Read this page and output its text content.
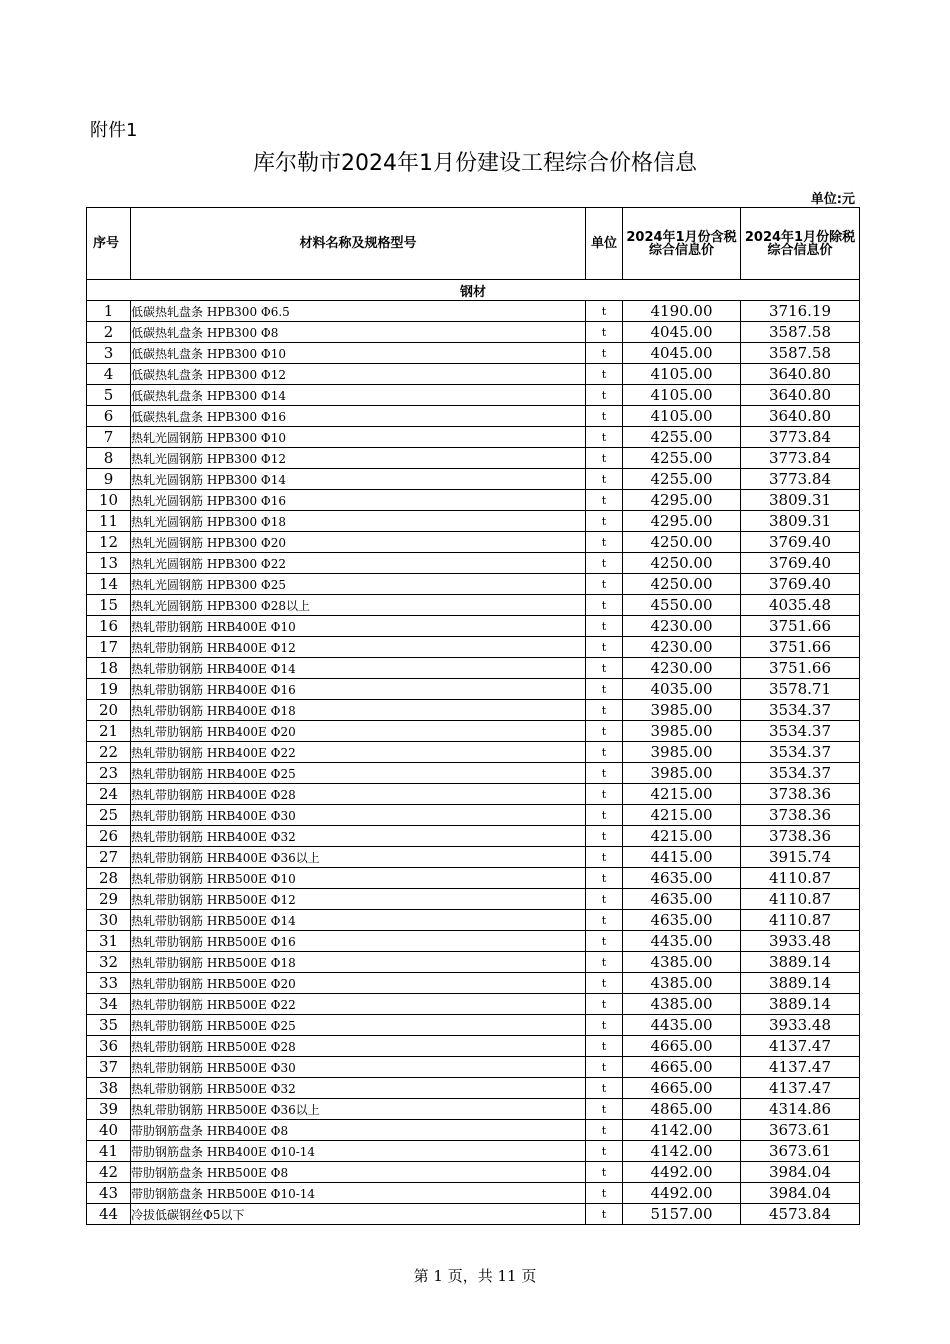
附件1
库尔勒市2024年1月份建设工程综合价格信息
单位:元
序号	材料名称及规格型号	单位	2024年1月份含税综合信息价	2024年1月份除税综合信息价
钢材				
1	低碳热轧盘条 HPB300 Φ6.5	t	4190.00	3716.19
2	低碳热轧盘条 HPB300 Φ8	t	4045.00	3587.58
3	低碳热轧盘条 HPB300 Φ10	t	4045.00	3587.58
4	低碳热轧盘条 HPB300 Φ12	t	4105.00	3640.80
5	低碳热轧盘条 HPB300 Φ14	t	4105.00	3640.80
6	低碳热轧盘条 HPB300 Φ16	t	4105.00	3640.80
7	热轧光圆钢筋 HPB300 Φ10	t	4255.00	3773.84
8	热轧光圆钢筋 HPB300 Φ12	t	4255.00	3773.84
9	热轧光圆钢筋 HPB300 Φ14	t	4255.00	3773.84
10	热轧光圆钢筋 HPB300 Φ16	t	4295.00	3809.31
11	热轧光圆钢筋 HPB300 Φ18	t	4295.00	3809.31
12	热轧光圆钢筋 HPB300 Φ20	t	4250.00	3769.40
13	热轧光圆钢筋 HPB300 Φ22	t	4250.00	3769.40
14	热轧光圆钢筋 HPB300 Φ25	t	4250.00	3769.40
15	热轧光圆钢筋 HPB300 Φ28以上	t	4550.00	4035.48
16	热轧带肋钢筋 HRB400E Φ10	t	4230.00	3751.66
17	热轧带肋钢筋 HRB400E Φ12	t	4230.00	3751.66
18	热轧带肋钢筋 HRB400E Φ14	t	4230.00	3751.66
19	热轧带肋钢筋 HRB400E Φ16	t	4035.00	3578.71
20	热轧带肋钢筋 HRB400E Φ18	t	3985.00	3534.37
21	热轧带肋钢筋 HRB400E Φ20	t	3985.00	3534.37
22	热轧带肋钢筋 HRB400E Φ22	t	3985.00	3534.37
23	热轧带肋钢筋 HRB400E Φ25	t	3985.00	3534.37
24	热轧带肋钢筋 HRB400E Φ28	t	4215.00	3738.36
25	热轧带肋钢筋 HRB400E Φ30	t	4215.00	3738.36
26	热轧带肋钢筋 HRB400E Φ32	t	4215.00	3738.36
27	热轧带肋钢筋 HRB400E Φ36以上	t	4415.00	3915.74
28	热轧带肋钢筋 HRB500E Φ10	t	4635.00	4110.87
29	热轧带肋钢筋 HRB500E Φ12	t	4635.00	4110.87
30	热轧带肋钢筋 HRB500E Φ14	t	4635.00	4110.87
31	热轧带肋钢筋 HRB500E Φ16	t	4435.00	3933.48
32	热轧带肋钢筋 HRB500E Φ18	t	4385.00	3889.14
33	热轧带肋钢筋 HRB500E Φ20	t	4385.00	3889.14
34	热轧带肋钢筋 HRB500E Φ22	t	4385.00	3889.14
35	热轧带肋钢筋 HRB500E Φ25	t	4435.00	3933.48
36	热轧带肋钢筋 HRB500E Φ28	t	4665.00	4137.47
37	热轧带肋钢筋 HRB500E Φ30	t	4665.00	4137.47
38	热轧带肋钢筋 HRB500E Φ32	t	4665.00	4137.47
39	热轧带肋钢筋 HRB500E Φ36以上	t	4865.00	4314.86
40	带肋钢筋盘条 HRB400E Φ8	t	4142.00	3673.61
41	带肋钢筋盘条 HRB400E Φ10-14	t	4142.00	3673.61
42	带肋钢筋盘条 HRB500E Φ8	t	4492.00	3984.04
43	带肋钢筋盘条 HRB500E Φ10-14	t	4492.00	3984.04
44	冷拔低碳钢丝Φ5以下	t	5157.00	4573.84
第 1 页，共 11 页
